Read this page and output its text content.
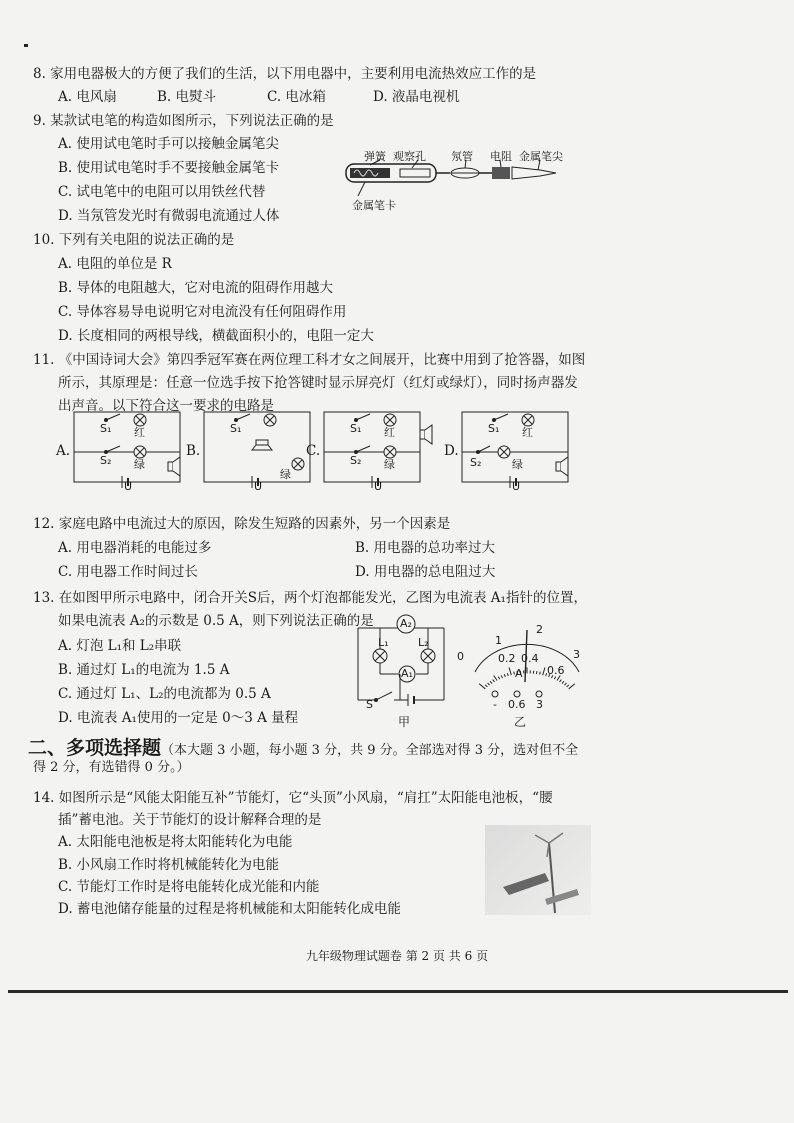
8. 家用电器极大的方便了我们的生活，以下用电器中，主要利用电流热效应工作的是
A. 电风扇	B. 电熨斗	C. 电冰箱	D. 液晶电视机
9. 某款试电笔的构造如图所示，下列说法正确的是
A. 使用试电笔时手可以接触金属笔尖
B. 使用试电笔时手不要接触金属笔卡
C. 试电笔中的电阻可以用铁丝代替
D. 当氖管发光时有微弱电流通过人体
弹簧 观察孔 氖管 电阻 金属笔尖
金属笔卡
10. 下列有关电阻的说法正确的是
A. 电阻的单位是 R
B. 导体的电阻越大，它对电流的阻碍作用越大
C. 导体容易导电说明它对电流没有任何阻碍作用
D. 长度相同的两根导线，横截面积小的，电阻一定大
11. 《中国诗词大会》第四季冠军赛在两位理工科才女之间展开，比赛中用到了抢答器，如图
所示，其原理是：任意一位选手按下抢答键时显示屏亮灯（红灯或绿灯），同时扬声器发
出声音。以下符合这一要求的电路是
A.
S₁ 红
S₂ 绿
U
B.
S₁
绿
U
C.
S₁ 红
S₂ 绿
U
D.
S₁ 红
S₂	绿
U
12. 家庭电路中电流过大的原因，除发生短路的因素外，另一个因素是
A. 用电器消耗的电能过多	B. 用电器的总功率过大
C. 用电器工作时间过长	D. 用电器的总电阻过大
13. 在如图甲所示电路中，闭合开关S后，两个灯泡都能发光，乙图为电流表 A₁指针的位置，
如果电流表 A₂的示数是 0.5 A，则下列说法正确的是
A. 灯泡 L₁和 L₂串联
B. 通过灯 L₁的电流为 1.5 A
C. 通过灯 L₁、L₂的电流都为 0.5 A
D. 电流表 A₁使用的一定是 0～3 A 量程
A₂
L₁	L₂
A₁
S
甲
0
1
2
3
0.2 0.4
0.6
A
- 0.6 3
乙
二、多项选择题（本大题 3 小题，每小题 3 分，共 9 分。全部选对得 3 分，选对但不全
得 2 分，有选错得 0 分。）
14. 如图所示是“风能太阳能互补”节能灯，它“头顶”小风扇，“肩扛”太阳能电池板，“腰
插”蓄电池。关于节能灯的设计解释合理的是
A. 太阳能电池板是将太阳能转化为电能
B. 小风扇工作时将机械能转化为电能
C. 节能灯工作时是将电能转化成光能和内能
D. 蓄电池储存能量的过程是将机械能和太阳能转化成电能
九年级物理试题卷 第 2 页 共 6 页
